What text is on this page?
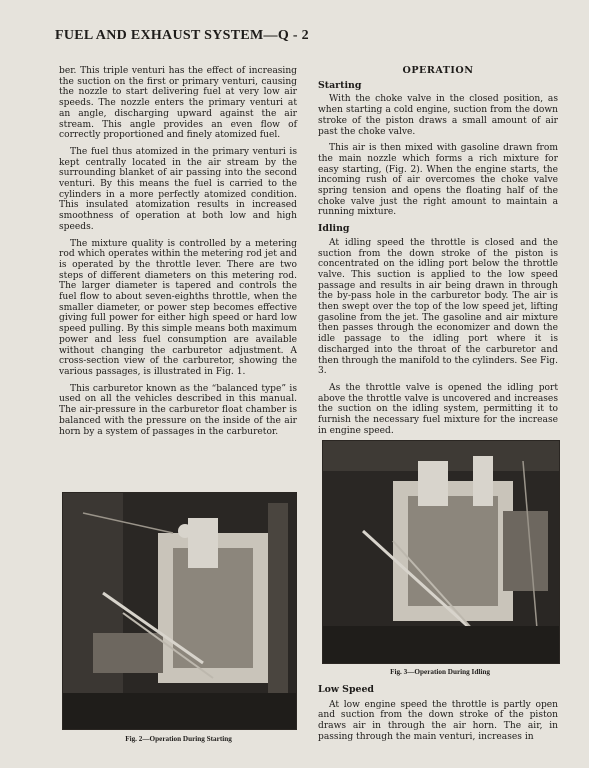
FUEL AND EXHAUST SYSTEM—Q - 2

ber. This triple venturi has the effect of increasing the suction on the first or primary venturi, causing the nozzle to start delivering fuel at very low air speeds. The nozzle enters the primary venturi at an angle, discharging upward against the air stream. This angle provides an even flow of correctly proportioned and finely atomized fuel.

The fuel thus atomized in the primary venturi is kept centrally located in the air stream by the surrounding blanket of air passing into the second venturi. By this means the fuel is carried to the cylinders in a more perfectly atomized condition. This insulated atomization results in increased smoothness of operation at both low and high speeds.

The mixture quality is controlled by a metering rod which operates within the metering rod jet and is operated by the throttle lever. There are two steps of different diameters on this metering rod. The larger diameter is tapered and controls the fuel flow to about seven-eighths throttle, when the smaller diameter, or power step becomes effective giving full power for either high speed or hard low speed pulling. By this simple means both maximum power and less fuel consumption are available without changing the carburetor adjustment. A cross-section view of the carburetor, showing the various passages, is illustrated in Fig. 1.

This carburetor known as the “balanced type” is used on all the vehicles described in this manual. The air-pressure in the carburetor float chamber is balanced with the pressure on the inside of the air horn by a system of passages in the carburetor.

OPERATION
Starting

With the choke valve in the closed position, as when starting a cold engine, suction from the down stroke of the piston draws a small amount of air past the choke valve.

This air is then mixed with gasoline drawn from the main nozzle which forms a rich mixture for easy starting, (Fig. 2). When the engine starts, the incoming rush of air overcomes the choke valve spring tension and opens the floating half of the choke valve just the right amount to maintain a running mixture.

Idling

At idling speed the throttle is closed and the suction from the down stroke of the piston is concentrated on the idling port below the throttle valve. This suction is applied to the low speed passage and results in air being drawn in through the by-pass hole in the carburetor body. The air is then swept over the top of the low speed jet, lifting gasoline from the jet. The gasoline and air mixture then passes through the economizer and down the idle passage to the idling port where it is discharged into the throat of the carburetor and then through the manifold to the cylinders. See Fig. 3.

As the throttle valve is opened the idling port above the throttle valve is uncovered and increases the suction on the idling system, permitting it to furnish the necessary fuel mixture for the increase in engine speed.

Fig. 2—Operation During Starting
Fig. 3—Operation During Idling
Low Speed

At low engine speed the throttle is partly open and suction from the down stroke of the piston draws air in through the air horn. The air, in passing through the main venturi, increases in
